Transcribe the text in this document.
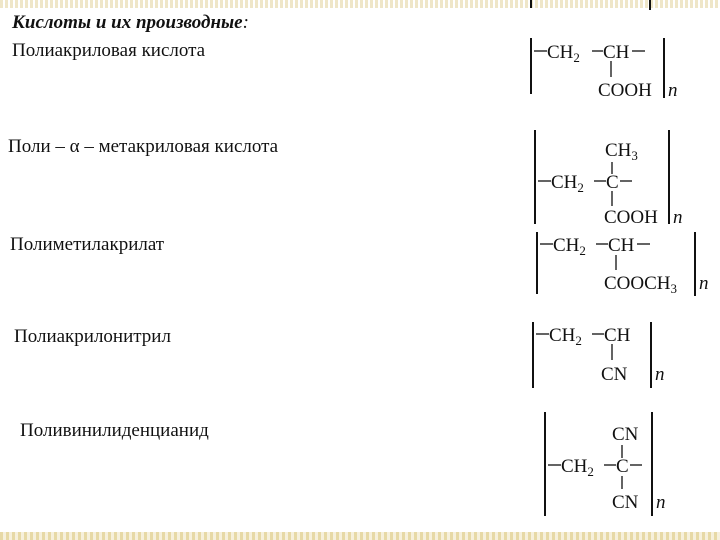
Кислоты и их производные:
Полиакриловая кислота
Поли – α – метакриловая кислота
Полиметилакрилат
Полиакрилонитрил
Поливинилиденцианид
$CH_2$ CH
COOH n
$CH_3$
$CH_2$ C
COOH n
$CH_2$ CH
$COOCH_3$ n
$CH_2$ CH
CN n
CN
$CH_2$ C
CN n
